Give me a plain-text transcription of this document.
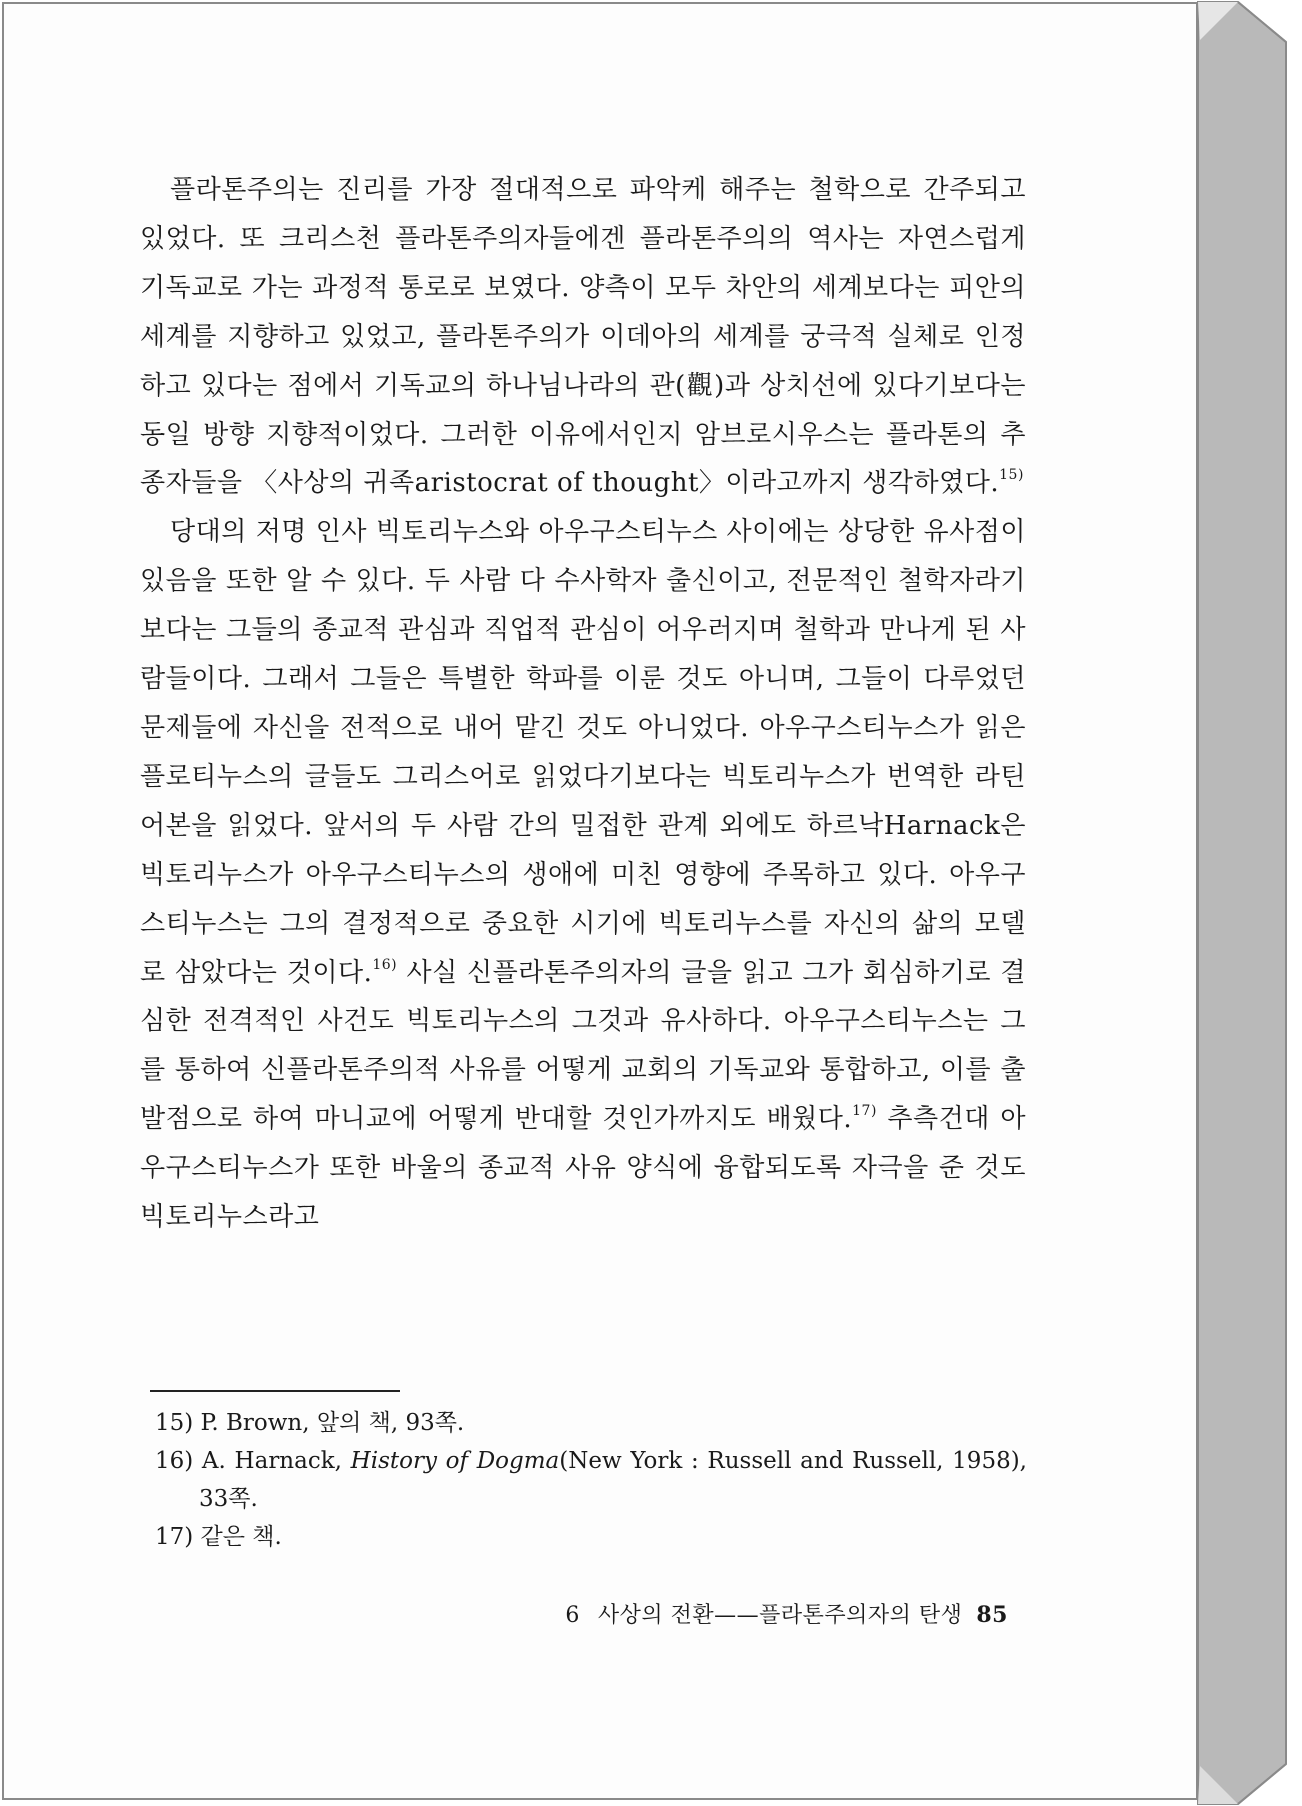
플라톤주의는 진리를 가장 절대적으로 파악케 해주는 철학으로 간주되고 있었다. 또 크리스천 플라톤주의자들에겐 플라톤주의의 역사는 자연스럽게 기독교로 가는 과정적 통로로 보였다. 양측이 모두 차안의 세계보다는 피안의 세계를 지향하고 있었고, 플라톤주의가 이데아의 세계를 궁극적 실체로 인정하고 있다는 점에서 기독교의 하나님나라의 관(觀)과 상치선에 있다기보다는 동일 방향 지향적이었다. 그러한 이유에서인지 암브로시우스는 플라톤의 추종자들을 〈사상의 귀족aristocrat of thought〉이라고까지 생각하였다.$^{15)}$

당대의 저명 인사 빅토리누스와 아우구스티누스 사이에는 상당한 유사점이 있음을 또한 알 수 있다. 두 사람 다 수사학자 출신이고, 전문적인 철학자라기보다는 그들의 종교적 관심과 직업적 관심이 어우러지며 철학과 만나게 된 사람들이다. 그래서 그들은 특별한 학파를 이룬 것도 아니며, 그들이 다루었던 문제들에 자신을 전적으로 내어 맡긴 것도 아니었다. 아우구스티누스가 읽은 플로티누스의 글들도 그리스어로 읽었다기보다는 빅토리누스가 번역한 라틴어본을 읽었다. 앞서의 두 사람 간의 밀접한 관계 외에도 하르낙Harnack은 빅토리누스가 아우구스티누스의 생애에 미친 영향에 주목하고 있다. 아우구스티누스는 그의 결정적으로 중요한 시기에 빅토리누스를 자신의 삶의 모델로 삼았다는 것이다.$^{16)}$ 사실 신플라톤주의자의 글을 읽고 그가 회심하기로 결심한 전격적인 사건도 빅토리누스의 그것과 유사하다. 아우구스티누스는 그를 통하여 신플라톤주의적 사유를 어떻게 교회의 기독교와 통합하고, 이를 출발점으로 하여 마니교에 어떻게 반대할 것인가까지도 배웠다.$^{17)}$ 추측건대 아우구스티누스가 또한 바울의 종교적 사유 양식에 융합되도록 자극을 준 것도 빅토리누스라고

15) P. Brown, 앞의 책, 93쪽.

16) A. Harnack, History of Dogma(New York : Russell and Russell, 1958), 33쪽.

17) 같은 책.

6 사상의 전환——플라톤주의자의 탄생 85
